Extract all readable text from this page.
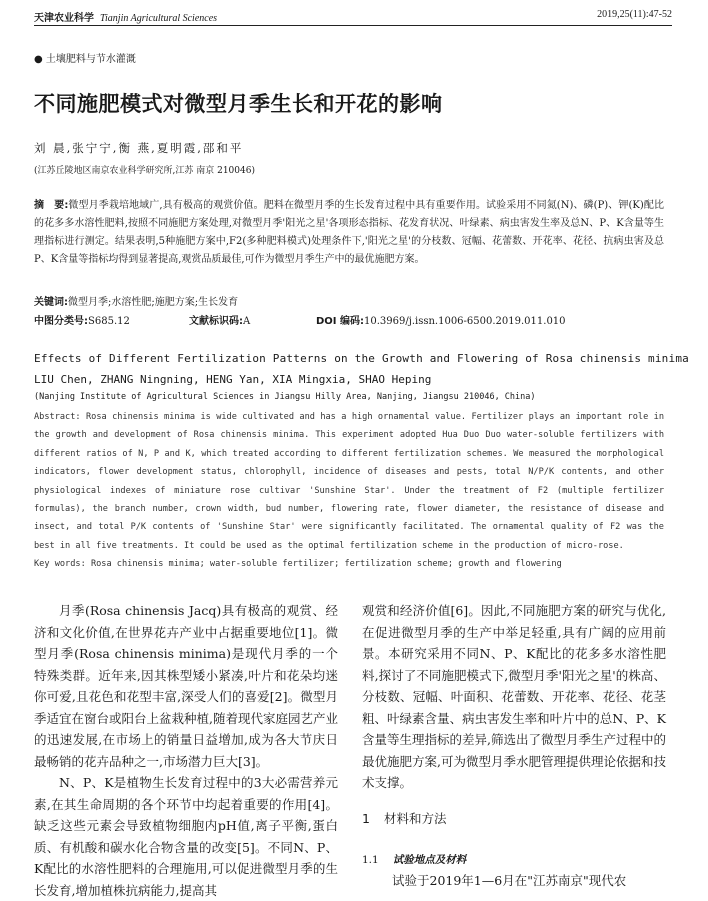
天津农业科学 Tianjin Agricultural Sciences	2019,25(11):47-52
● 土壤肥料与节水灌溉
不同施肥模式对微型月季生长和开花的影响
刘 晨,张宁宁,衡 燕,夏明霞,邵和平
(江苏丘陵地区南京农业科学研究所,江苏 南京 210046)
摘　要:微型月季栽培地域广,具有极高的观赏价值。肥料在微型月季的生长发育过程中具有重要作用。试验采用不同氮(N)、磷(P)、钾(K)配比的花多多水溶性肥料,按照不同施肥方案处理,对微型月季'阳光之星'各项形态指标、花发育状况、叶绿素、病虫害发生率及总N、P、K含量等生理指标进行测定。结果表明,5种施肥方案中,F2(多种肥料模式)处理条件下,'阳光之星'的分枝数、冠幅、花蕾数、开花率、花径、抗病虫害及总P、K含量等指标均得到显著提高,观赏品质最佳,可作为微型月季生产中的最优施肥方案。
关键词:微型月季;水溶性肥;施肥方案;生长发育
中图分类号:S685.12	文献标识码:A	DOI 编码:10.3969/j.issn.1006-6500.2019.011.010
Effects of Different Fertilization Patterns on the Growth and Flowering of Rosa chinensis minima
LIU Chen, ZHANG Ningning, HENG Yan, XIA Mingxia, SHAO Heping
(Nanjing Institute of Agricultural Sciences in Jiangsu Hilly Area, Nanjing, Jiangsu 210046, China)
Abstract: Rosa chinensis minima is wide cultivated and has a high ornamental value. Fertilizer plays an important role in the growth and development of Rosa chinensis minima. This experiment adopted Hua Duo Duo water-soluble fertilizers with different ratios of N, P and K, which treated according to different fertilization schemes. We measured the morphological indicators, flower development status, chlorophyll, incidence of diseases and pests, total N/P/K contents, and other physiological indexes of miniature rose cultivar 'Sunshine Star'. Under the treatment of F2 (multiple fertilizer formulas), the branch number, crown width, bud number, flowering rate, flower diameter, the resistance of disease and insect, and total P/K contents of 'Sunshine Star' were significantly facilitated. The ornamental quality of F2 was the best in all five treatments. It could be used as the optimal fertilization scheme in the production of micro-rose.
Key words: Rosa chinensis minima; water-soluble fertilizer; fertilization scheme; growth and flowering

月季(Rosa chinensis Jacq)具有极高的观赏、经济和文化价值,在世界花卉产业中占据重要地位[1]。微型月季(Rosa chinensis minima)是现代月季的一个特殊类群。近年来,因其株型矮小紧凑,叶片和花朵均迷你可爱,且花色和花型丰富,深受人们的喜爱[2]。微型月季适宜在窗台或阳台上盆栽种植,随着现代家庭园艺产业的迅速发展,在市场上的销量日益增加,成为各大节庆日最畅销的花卉品种之一,市场潜力巨大[3]。

N、P、K是植物生长发育过程中的3大必需营养元素,在其生命周期的各个环节中均起着重要的作用[4]。缺乏这些元素会导致植物细胞内pH值,离子平衡,蛋白质、有机酸和碳水化合物含量的改变[5]。不同N、P、K配比的水溶性肥料的合理施用,可以促进微型月季的生长发育,增加植株抗病能力,提高其

观赏和经济价值[6]。因此,不同施肥方案的研究与优化,在促进微型月季的生产中举足轻重,具有广阔的应用前景。本研究采用不同N、P、K配比的花多多水溶性肥料,探讨了不同施肥模式下,微型月季'阳光之星'的株高、分枝数、冠幅、叶面积、花蕾数、开花率、花径、花茎粗、叶绿素含量、病虫害发生率和叶片中的总N、P、K含量等生理指标的差异,筛选出了微型月季生产过程中的最优施肥方案,可为微型月季水肥管理提供理论依据和技术支撑。

1 材料和方法
1.1 试验地点及材料
试验于2019年1—6月在"江苏南京"现代农
